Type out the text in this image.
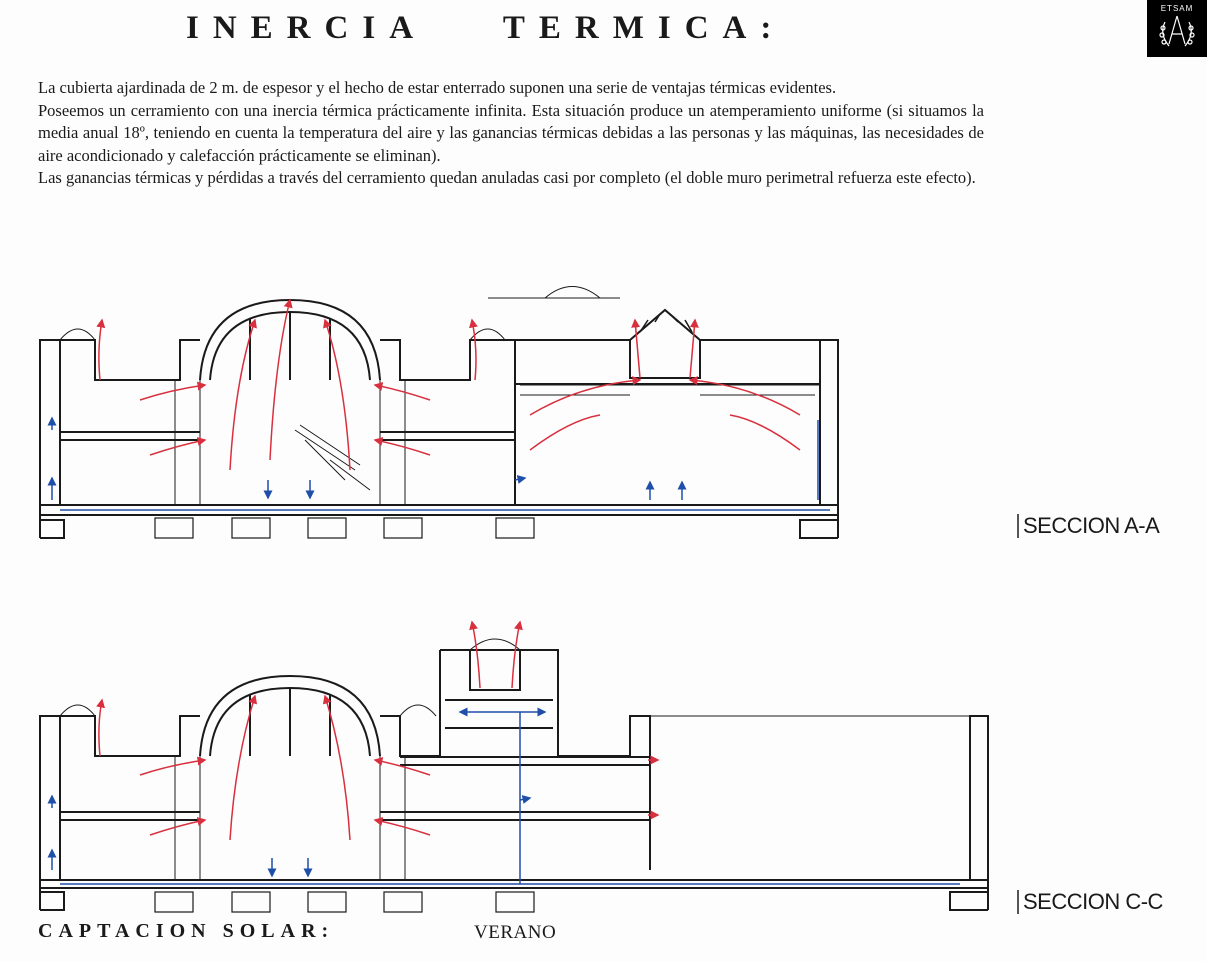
INERCIA TERMICA:
ETSAM

La cubierta ajardinada de 2 m. de espesor y el hecho de estar enterrado suponen una serie de ventajas térmicas evidentes.

Poseemos un cerramiento con una inercia térmica prácticamente infinita. Esta situación produce un atemperamiento uniforme (si situamos la media anual 18º, teniendo en cuenta la temperatura del aire y las ganancias térmicas debidas a las personas y las máquinas, las necesidades de aire acondicionado y calefacción prácticamente se eliminan).

Las ganancias térmicas y pérdidas a través del cerramiento quedan anuladas casi por completo (el doble muro perimetral refuerza este efecto).

SECCION A-A
SECCION C-C
CAPTACION SOLAR:	VERANO
